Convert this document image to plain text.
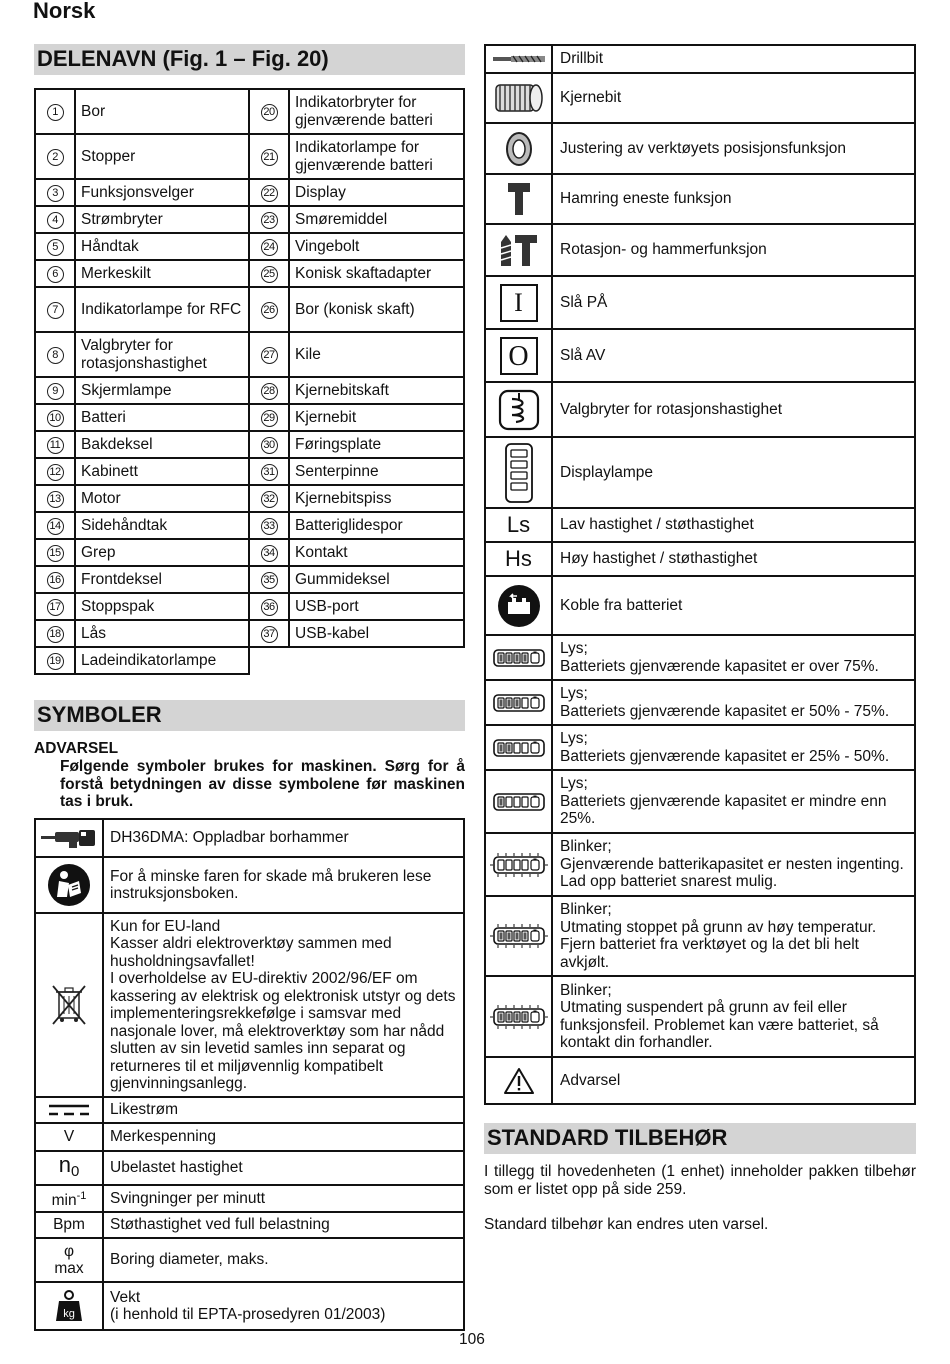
Norsk
DELENAVN (Fig. 1 – Fig. 20)
1	Bor	20	Indikatorbryter for gjenværende batteri
2	Stopper	21	Indikatorlampe for gjenværende batteri
3	Funksjonsvelger	22	Display
4	Strømbryter	23	Smøremiddel
5	Håndtak	24	Vingebolt
6	Merkeskilt	25	Konisk skaftadapter
7	Indikatorlampe for RFC	26	Bor (konisk skaft)
8	Valgbryter for rotasjonshastighet	27	Kile
9	Skjermlampe	28	Kjernebitskaft
10	Batteri	29	Kjernebit
11	Bakdeksel	30	Føringsplate
12	Kabinett	31	Senterpinne
13	Motor	32	Kjernebitspiss
14	Sidehåndtak	33	Batteriglidespor
15	Grep	34	Kontakt
16	Frontdeksel	35	Gummideksel
17	Stoppspak	36	USB-port
18	Lås	37	USB-kabel
19	Ladeindikatorlampe		
SYMBOLER
ADVARSEL
Følgende symboler brukes for maskinen. Sørg for å forstå betydningen av disse symbolene før maskinen tas i bruk.
	DH36DMA: Oppladbar borhammer
	For å minske faren for skade må brukeren lese instruksjonsboken.
	Kun for EU-land
Kasser aldri elektroverktøy sammen med husholdningsavfallet!
I overholdelse av EU-direktiv 2002/96/EF om kassering av elektrisk og elektronisk utstyr og dets implementeringsrekkefølge i samsvar med nasjonale lover, må elektroverktøy som har nådd slutten av sin levetid samles inn separat og returneres til et miljøvennlig kompatibelt gjenvinningsanlegg.
	Likestrøm
V	Merkespenning
$n_0$	Ubelastet hastighet
$\min^{-1}$	Svingninger per minutt
Bpm	Støthastighet ved full belastning

φ
max	Boring diameter, maks.

kg	Vekt
(i henhold til EPTA-prosedyren 01/2003)
	Drillbit
	Kjernebit
	Justering av verktøyets posisjonsfunksjon
	Hamring eneste funksjon
	Rotasjon- og hammerfunksjon
I	Slå PÅ
O	Slå AV
	Valgbryter for rotasjonshastighet
	Displaylampe
Ls	Lav hastighet / støthastighet
Hs	Høy hastighet / støthastighet
	Koble fra batteriet
	Lys;
Batteriets gjenværende kapasitet er over 75%.
	Lys;
Batteriets gjenværende kapasitet er 50% - 75%.
	Lys;
Batteriets gjenværende kapasitet er 25% - 50%.
	Lys;
Batteriets gjenværende kapasitet er mindre enn 25%.
	Blinker;
Gjenværende batterikapasitet er nesten ingenting. Lad opp batteriet snarest mulig.
	Blinker;
Utmating stoppet på grunn av høy temperatur. Fjern batteriet fra verktøyet og la det bli helt avkjølt.
	Blinker;
Utmating suspendert på grunn av feil eller funksjonsfeil. Problemet kan være batteriet, så kontakt din forhandler.
	Advarsel
STANDARD TILBEHØR
I tillegg til hovedenheten (1 enhet) inneholder pakken tilbehør som er listet opp på side 259.
Standard tilbehør kan endres uten varsel.
106
